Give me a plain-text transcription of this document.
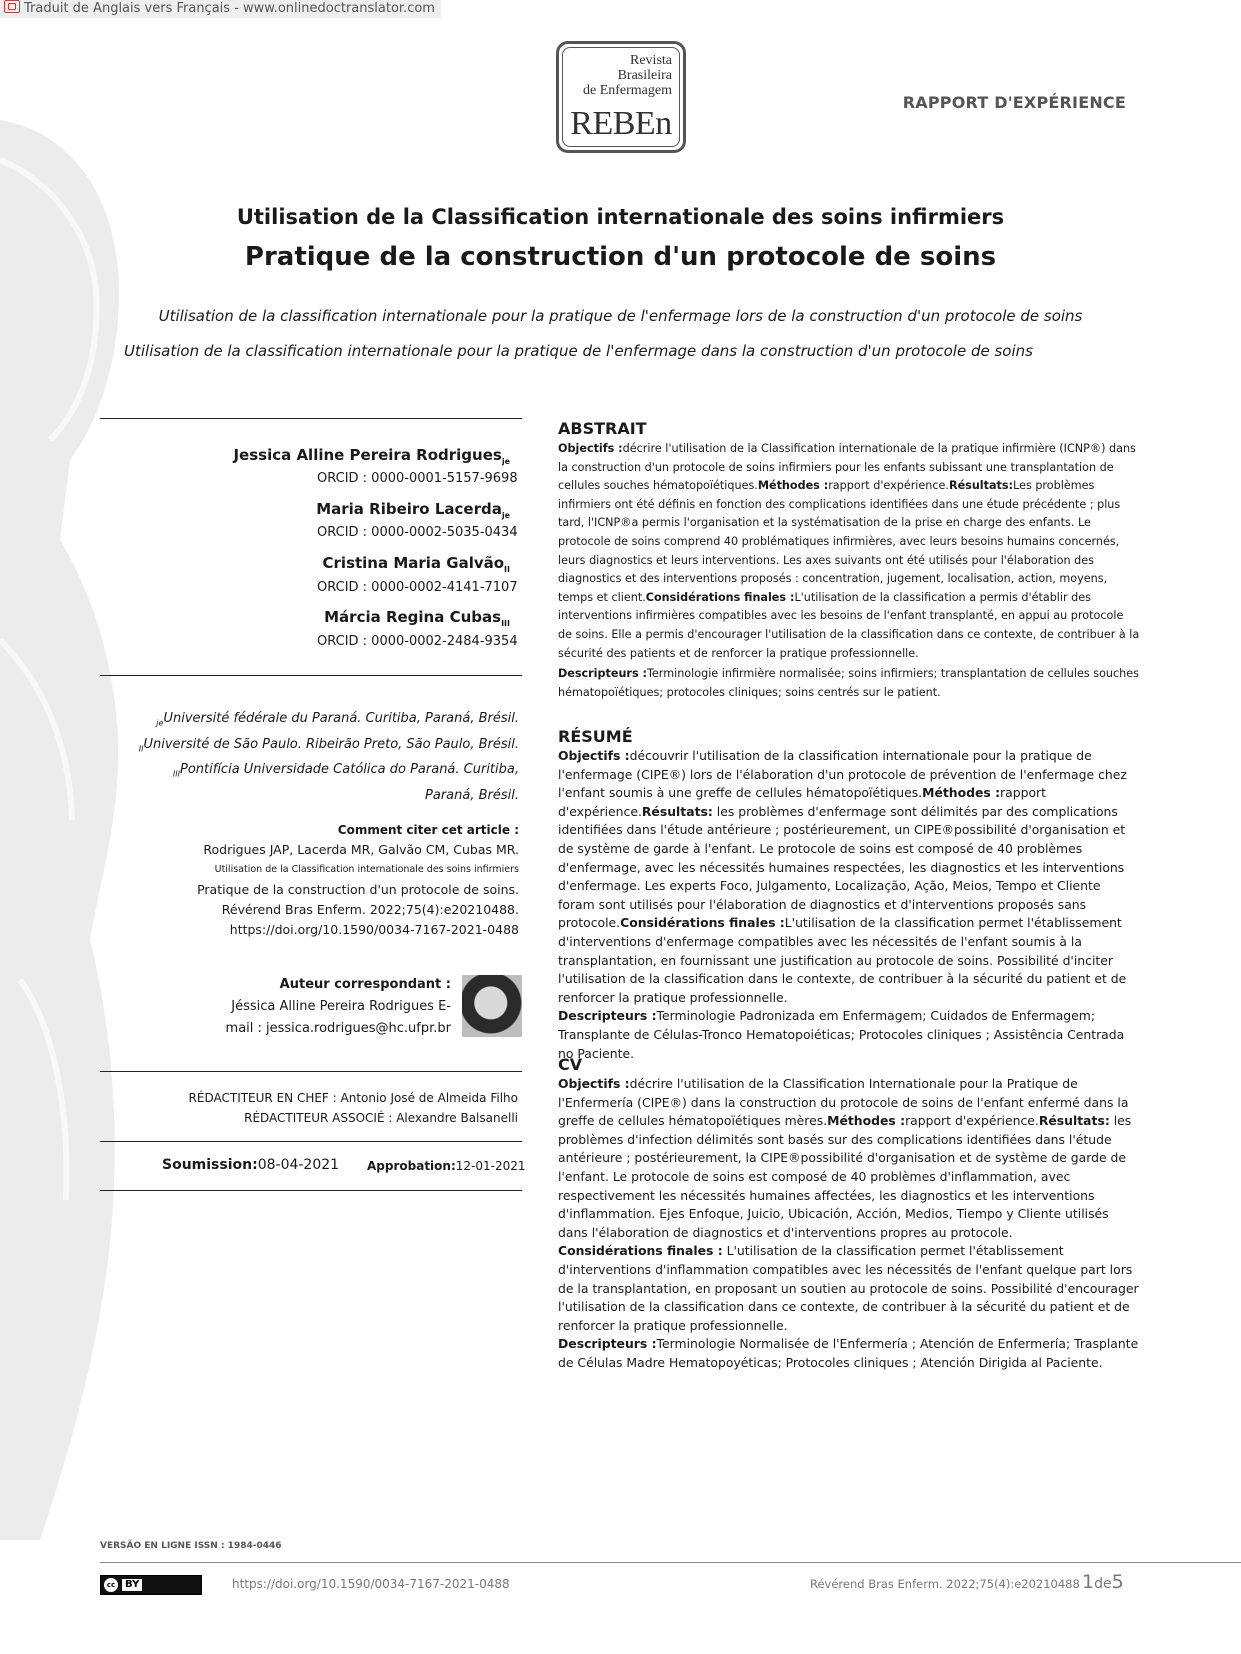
Traduit de Anglais vers Français - www.onlinedoctranslator.com
Revista
Brasileira
de Enfermagem
REBEn
RAPPORT D'EXPÉRIENCE
Utilisation de la Classification internationale des soins infirmiers
Pratique de la construction d'un protocole de soins
Utilisation de la classification internationale pour la pratique de l'enfermage lors de la construction d'un protocole de soins
Utilisation de la classification internationale pour la pratique de l'enfermage dans la construction d'un protocole de soins
Jessica Alline Pereira Rodrigues$_{je}$
ORCID : 0000-0001-5157-9698
Maria Ribeiro Lacerda$_{je}$
ORCID : 0000-0002-5035-0434
Cristina Maria Galvão$_{II}$
ORCID : 0000-0002-4141-7107
Márcia Regina Cubas$_{III}$
ORCID : 0000-0002-2484-9354
$_{je}$Université fédérale du Paraná. Curitiba, Paraná, Brésil.
$_{II}$Université de São Paulo. Ribeirão Preto, São Paulo, Brésil.
$_{III}$Pontifícia Universidade Católica do Paraná. Curitiba,
Paraná, Brésil.
Comment citer cet article :
Rodrigues JAP, Lacerda MR, Galvão CM, Cubas MR.
Utilisation de la Classification internationale des soins infirmiers
Pratique de la construction d'un protocole de soins.
Révérend Bras Enferm. 2022;75(4):e20210488.
https://doi.org/10.1590/0034-7167-2021-0488
Auteur correspondant :
Jéssica Alline Pereira Rodrigues E-
mail : jessica.rodrigues@hc.ufpr.br
RÉDACTITEUR EN CHEF : Antonio José de Almeida Filho
RÉDACTITEUR ASSOCIÉ : Alexandre Balsanelli
Soumission:08-04-2021 Approbation:12-01-2021
ABSTRAIT
Objectifs :décrire l'utilisation de la Classification internationale de la pratique infirmière (ICNP®) dans la construction d'un protocole de soins infirmiers pour les enfants subissant une transplantation de cellules souches hématopoïétiques.Méthodes :rapport d'expérience.Résultats:Les problèmes infirmiers ont été définis en fonction des complications identifiées dans une étude précédente ; plus tard, l'ICNP®a permis l'organisation et la systématisation de la prise en charge des enfants. Le protocole de soins comprend 40 problématiques infirmières, avec leurs besoins humains concernés, leurs diagnostics et leurs interventions. Les axes suivants ont été utilisés pour l'élaboration des diagnostics et des interventions proposés : concentration, jugement, localisation, action, moyens, temps et client.Considérations finales :L'utilisation de la classification a permis d'établir des interventions infirmières compatibles avec les besoins de l'enfant transplanté, en appui au protocole de soins. Elle a permis d'encourager l'utilisation de la classification dans ce contexte, de contribuer à la sécurité des patients et de renforcer la pratique professionnelle.
Descripteurs :Terminologie infirmière normalisée; soins infirmiers; transplantation de cellules souches hématopoïétiques; protocoles cliniques; soins centrés sur le patient.
RÉSUMÉ
Objectifs :découvrir l'utilisation de la classification internationale pour la pratique de l'enfermage (CIPE®) lors de l'élaboration d'un protocole de prévention de l'enfermage chez l'enfant soumis à une greffe de cellules hématopoïétiques.Méthodes :rapport d'expérience.Résultats: les problèmes d'enfermage sont délimités par des complications identifiées dans l'étude antérieure ; postérieurement, un CIPE®possibilité d'organisation et de système de garde à l'enfant. Le protocole de soins est composé de 40 problèmes d'enfermage, avec les nécessités humaines respectées, les diagnostics et les interventions d'enfermage. Les experts Foco, Julgamento, Localização, Ação, Meios, Tempo et Cliente foram sont utilisés pour l'élaboration de diagnostics et d'interventions proposés sans protocole.Considérations finales :L'utilisation de la classification permet l'établissement d'interventions d'enfermage compatibles avec les nécessités de l'enfant soumis à la transplantation, en fournissant une justification au protocole de soins. Possibilité d'inciter l'utilisation de la classification dans le contexte, de contribuer à la sécurité du patient et de renforcer la pratique professionnelle.
Descripteurs :Terminologie Padronizada em Enfermagem; Cuidados de Enfermagem; Transplante de Células-Tronco Hematopoiéticas; Protocoles cliniques ; Assistência Centrada no Paciente.
CV
Objectifs :décrire l'utilisation de la Classification Internationale pour la Pratique de l'Enfermería (CIPE®) dans la construction du protocole de soins de l'enfant enfermé dans la greffe de cellules hématopoïétiques mères.Méthodes :rapport d'expérience.Résultats: les problèmes d'infection délimités sont basés sur des complications identifiées dans l'étude antérieure ; postérieurement, la CIPE®possibilité d'organisation et de système de garde de l'enfant. Le protocole de soins est composé de 40 problèmes d'inflammation, avec respectivement les nécessités humaines affectées, les diagnostics et les interventions d'inflammation. Ejes Enfoque, Juicio, Ubicación, Acción, Medios, Tiempo y Cliente utilisés dans l'élaboration de diagnostics et d'interventions propres au protocole.
Considérations finales : L'utilisation de la classification permet l'établissement d'interventions d'inflammation compatibles avec les nécessités de l'enfant quelque part lors de la transplantation, en proposant un soutien au protocole de soins. Possibilité d'encourager l'utilisation de la classification dans ce contexte, de contribuer à la sécurité du patient et de renforcer la pratique professionnelle.
Descripteurs :Terminologie Normalisée de l'Enfermería ; Atención de Enfermería; Trasplante de Células Madre Hematopoyéticas; Protocoles cliniques ; Atención Dirigida al Paciente.
VERSÃO EN LIGNE ISSN : 1984-0446
cc BY	https://doi.org/10.1590/0034-7167-2021-0488	Révérend Bras Enferm. 2022;75(4):e20210488 1de5
